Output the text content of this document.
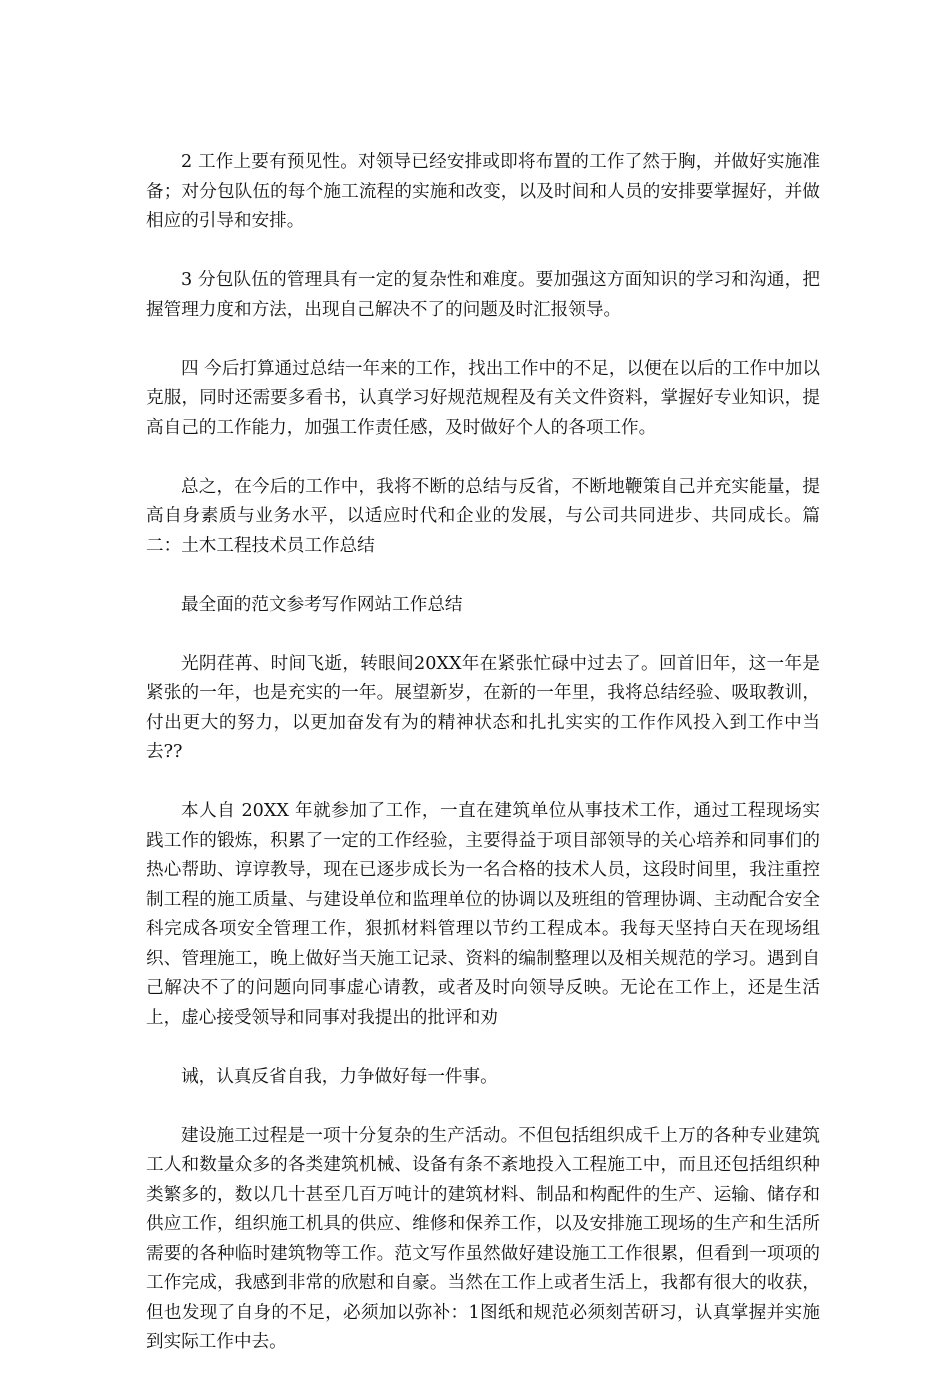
2 工作上要有预见性。对领导已经安排或即将布置的工作了然于胸，并做好实施准备；对分包队伍的每个施工流程的实施和改变，以及时间和人员的安排要掌握好，并做相应的引导和安排。

3 分包队伍的管理具有一定的复杂性和难度。要加强这方面知识的学习和沟通，把握管理力度和方法，出现自己解决不了的问题及时汇报领导。

四 今后打算通过总结一年来的工作，找出工作中的不足，以便在以后的工作中加以克服，同时还需要多看书，认真学习好规范规程及有关文件资料，掌握好专业知识，提高自己的工作能力，加强工作责任感，及时做好个人的各项工作。

总之，在今后的工作中，我将不断的总结与反省，不断地鞭策自己并充实能量，提高自身素质与业务水平，以适应时代和企业的发展，与公司共同进步、共同成长。篇二：土木工程技术员工作总结

最全面的范文参考写作网站工作总结

光阴荏苒、时间飞逝，转眼间20XX年在紧张忙碌中过去了。回首旧年，这一年是紧张的一年，也是充实的一年。展望新岁，在新的一年里，我将总结经验、吸取教训，付出更大的努力，以更加奋发有为的精神状态和扎扎实实的工作作风投入到工作中当去??

本人自 20XX 年就参加了工作，一直在建筑单位从事技术工作，通过工程现场实践工作的锻炼，积累了一定的工作经验，主要得益于项目部领导的关心培养和同事们的热心帮助、谆谆教导，现在已逐步成长为一名合格的技术人员，这段时间里，我注重控制工程的施工质量、与建设单位和监理单位的协调以及班组的管理协调、主动配合安全科完成各项安全管理工作，狠抓材料管理以节约工程成本。我每天坚持白天在现场组织、管理施工，晚上做好当天施工记录、资料的编制整理以及相关规范的学习。遇到自己解决不了的问题向同事虚心请教，或者及时向领导反映。无论在工作上，还是生活上，虚心接受领导和同事对我提出的批评和劝

诫，认真反省自我，力争做好每一件事。

建设施工过程是一项十分复杂的生产活动。不但包括组织成千上万的各种专业建筑工人和数量众多的各类建筑机械、设备有条不紊地投入工程施工中，而且还包括组织种类繁多的，数以几十甚至几百万吨计的建筑材料、制品和构配件的生产、运输、储存和供应工作，组织施工机具的供应、维修和保养工作，以及安排施工现场的生产和生活所需要的各种临时建筑物等工作。范文写作虽然做好建设施工工作很累，但看到一项项的工作完成，我感到非常的欣慰和自豪。当然在工作上或者生活上，我都有很大的收获，但也发现了自身的不足，必须加以弥补：1图纸和规范必须刻苦研习，认真掌握并实施到实际工作中去。
